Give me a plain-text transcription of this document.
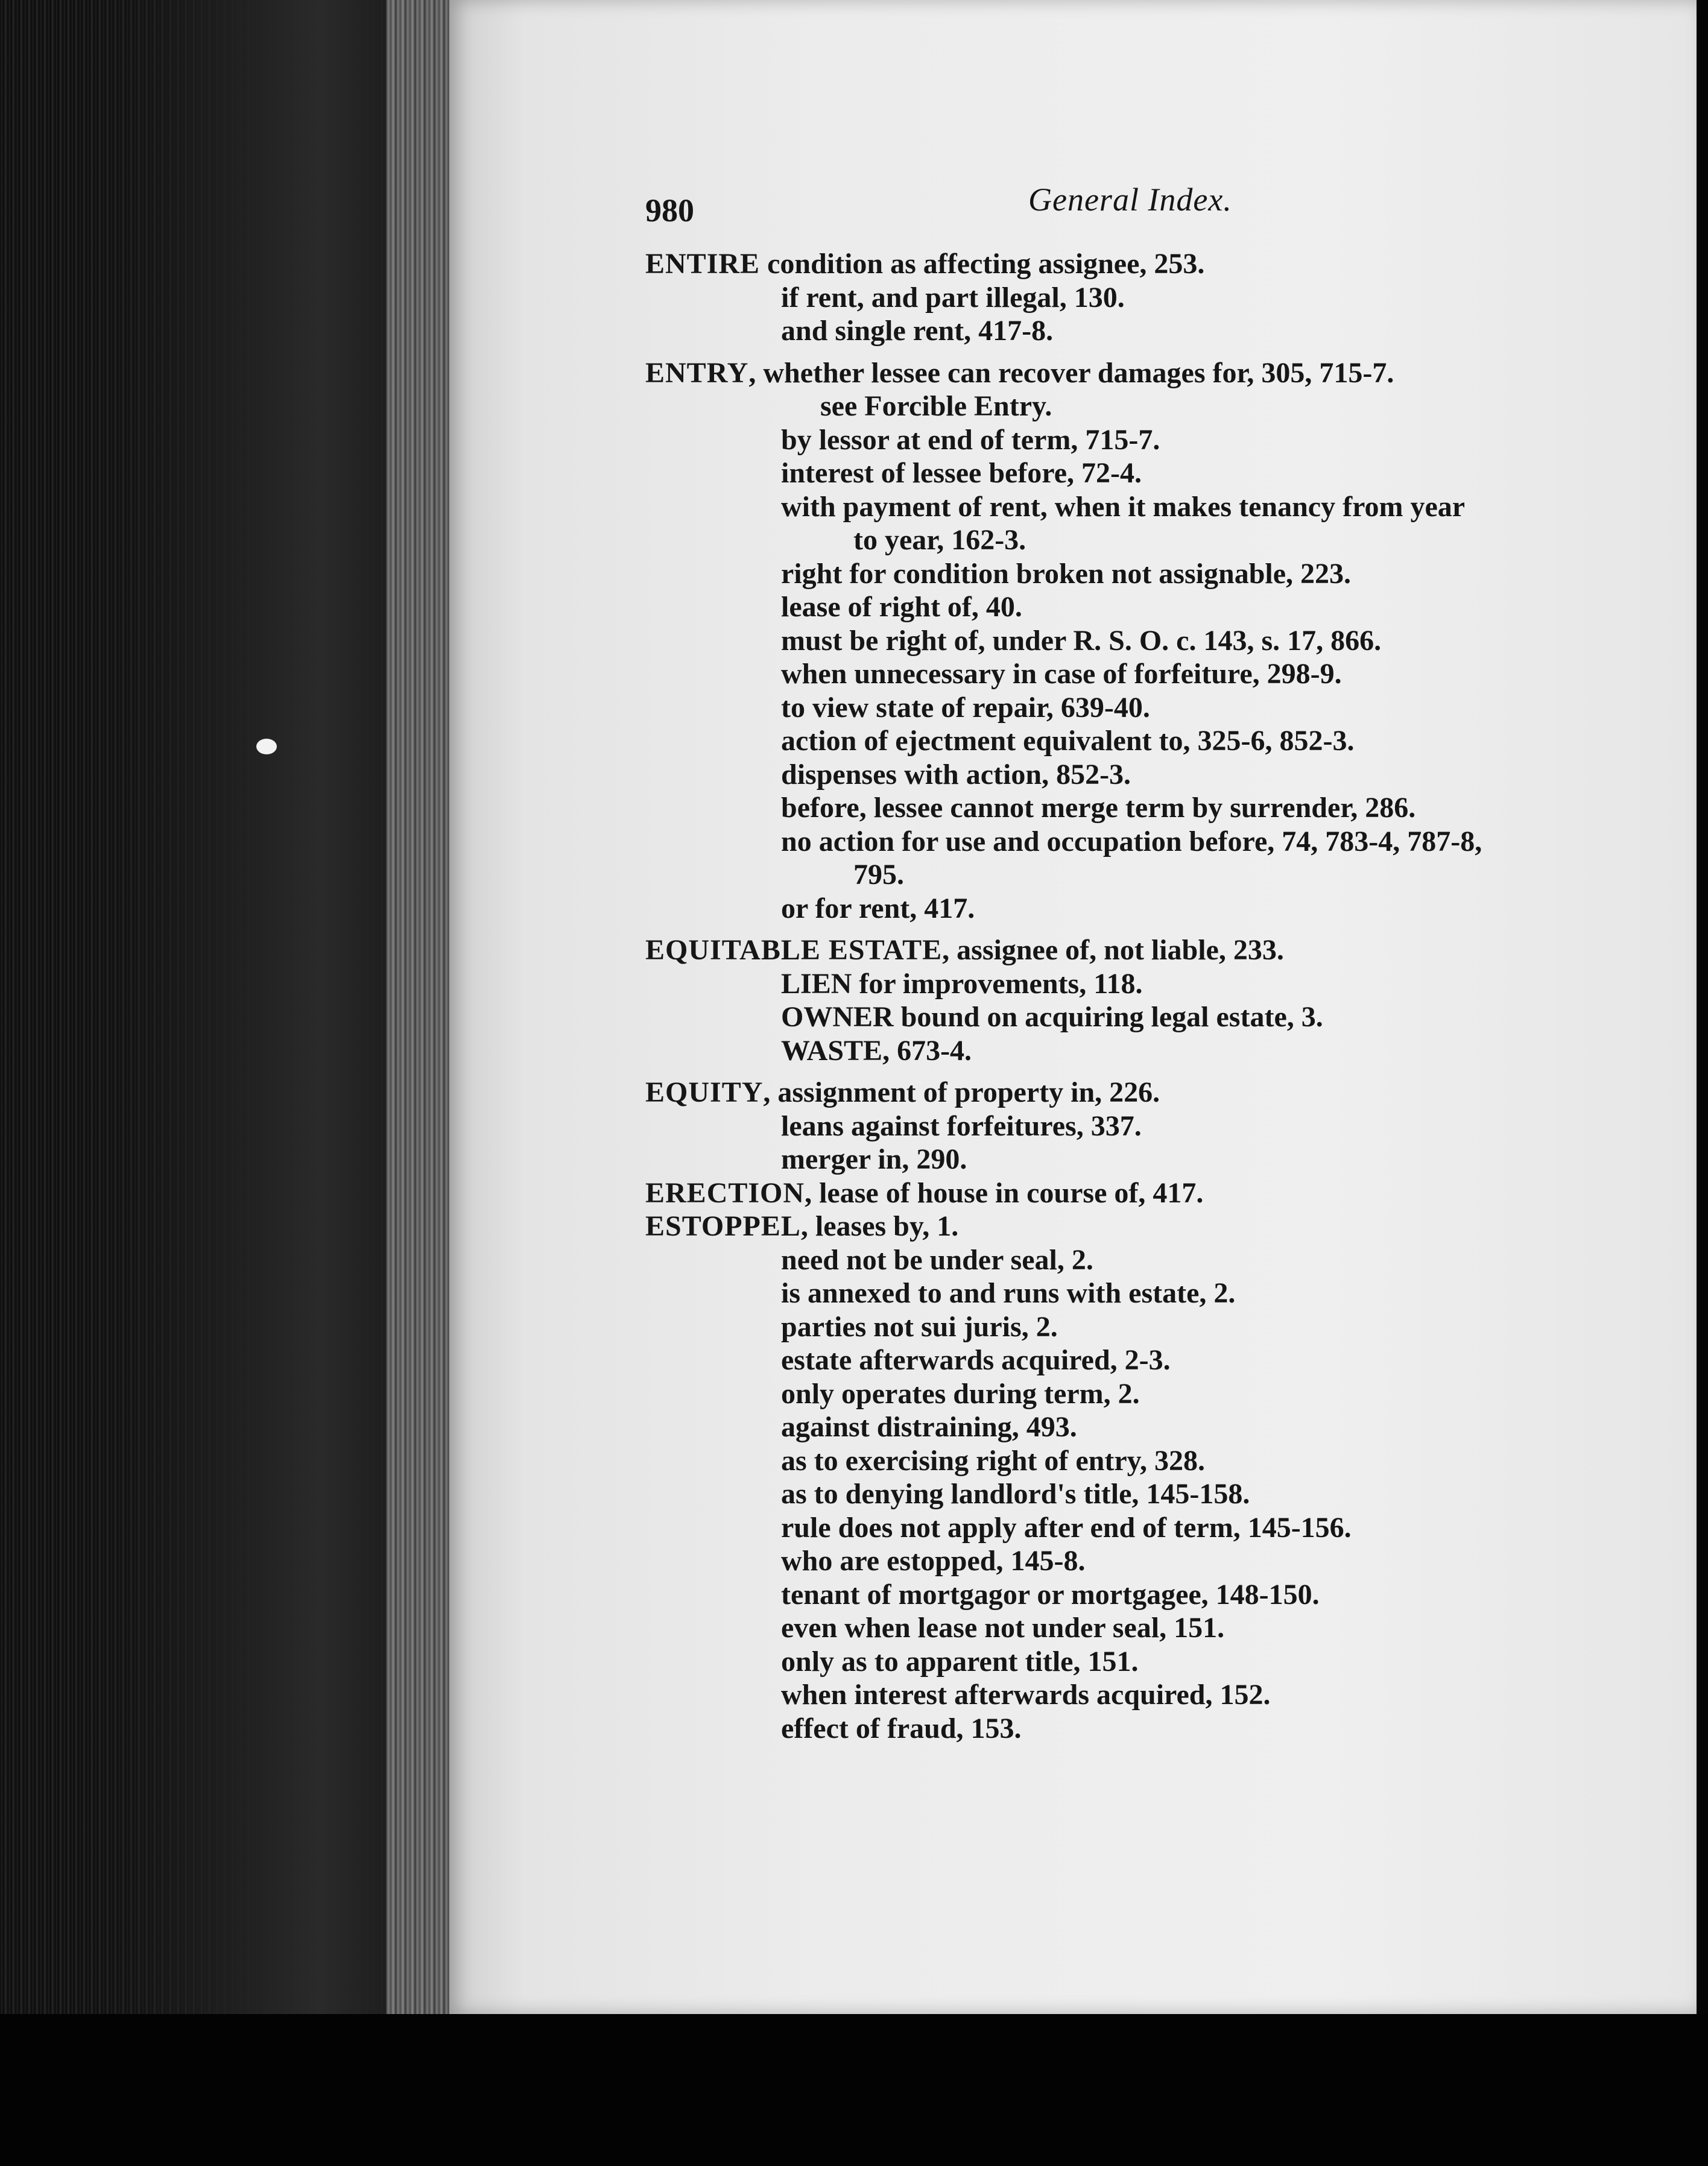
980	General Index.
ENTIRE condition as affecting assignee, 253.
if rent, and part illegal, 130.
and single rent, 417-8.
ENTRY, whether lessee can recover damages for, 305, 715-7.
see Forcible Entry.
by lessor at end of term, 715-7.
interest of lessee before, 72-4.
with payment of rent, when it makes tenancy from year
to year, 162-3.
right for condition broken not assignable, 223.
lease of right of, 40.
must be right of, under R. S. O. c. 143, s. 17, 866.
when unnecessary in case of forfeiture, 298-9.
to view state of repair, 639-40.
action of ejectment equivalent to, 325-6, 852-3.
dispenses with action, 852-3.
before, lessee cannot merge term by surrender, 286.
no action for use and occupation before, 74, 783-4, 787-8,
795.
or for rent, 417.
EQUITABLE ESTATE, assignee of, not liable, 233.
LIEN for improvements, 118.
OWNER bound on acquiring legal estate, 3.
WASTE, 673-4.
EQUITY, assignment of property in, 226.
leans against forfeitures, 337.
merger in, 290.
ERECTION, lease of house in course of, 417.
ESTOPPEL, leases by, 1.
need not be under seal, 2.
is annexed to and runs with estate, 2.
parties not sui juris, 2.
estate afterwards acquired, 2-3.
only operates during term, 2.
against distraining, 493.
as to exercising right of entry, 328.
as to denying landlord's title, 145-158.
rule does not apply after end of term, 145-156.
who are estopped, 145-8.
tenant of mortgagor or mortgagee, 148-150.
even when lease not under seal, 151.
only as to apparent title, 151.
when interest afterwards acquired, 152.
effect of fraud, 153.
